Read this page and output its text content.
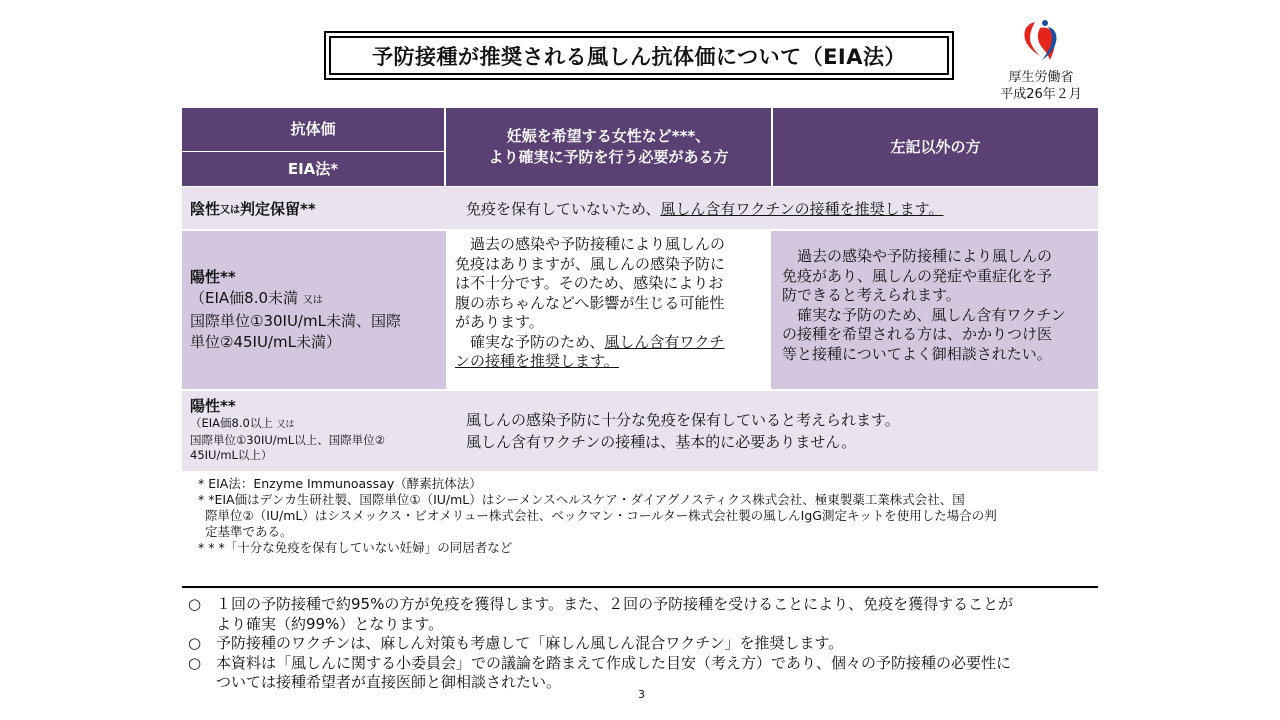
予防接種が推奨される風しん抗体価について（EIA法）
厚生労働省
平成26年２月
抗体価
EIA法*
妊娠を希望する女性など***、
より確実に予防を行う必要がある方
左記以外の方
陰性 又は 判定保留**	免疫を保有していないため、 風しん含有ワクチンの接種を推奨します。
陽性**
（EIA価8.0未満 又は
国際単位①30IU/mL未満、国際
単位②45IU/mL未満）
過去の感染や予防接種により風しんの
免疫はありますが、風しんの感染予防に
は不十分です。そのため、感染によりお
腹の赤ちゃんなどへ影響が生じる可能性
があります。
確実な予防のため、風しん含有ワクチ
ンの接種を推奨します。
過去の感染や予防接種により風しんの
免疫があり、風しんの発症や重症化を予
防できると考えられます。
確実な予防のため、風しん含有ワクチン
の接種を希望される方は、かかりつけ医
等と接種についてよく御相談されたい。
陽性**
（EIA価8.0以上 又は
国際単位①30IU/mL以上、国際単位②
45IU/mL以上）
風しんの感染予防に十分な免疫を保有していると考えられます。
風しん含有ワクチンの接種は、基本的に必要ありません。

* EIA法：Enzyme Immunoassay（酵素抗体法）

* *EIA価はデンカ生研社製、国際単位①（IU/mL）はシーメンスヘルスケア・ダイアグノスティクス株式会社、極東製薬工業株式会社、国

際単位②（IU/mL）はシスメックス・ビオメリュー株式会社、ベックマン・コールター株式会社製の風しんIgG測定キットを使用した場合の判

定基準である。

* * *「十分な免疫を保有していない妊婦」の同居者など

○ １回の予防接種で約95%の方が免疫を獲得します。また、２回の予防接種を受けることにより、免疫を獲得することが
より確実（約99%）となります。
○ 予防接種のワクチンは、麻しん対策も考慮して「麻しん風しん混合ワクチン」を推奨します。
○ 本資料は「風しんに関する小委員会」での議論を踏まえて作成した目安（考え方）であり、個々の予防接種の必要性に
ついては接種希望者が直接医師と御相談されたい。
3
